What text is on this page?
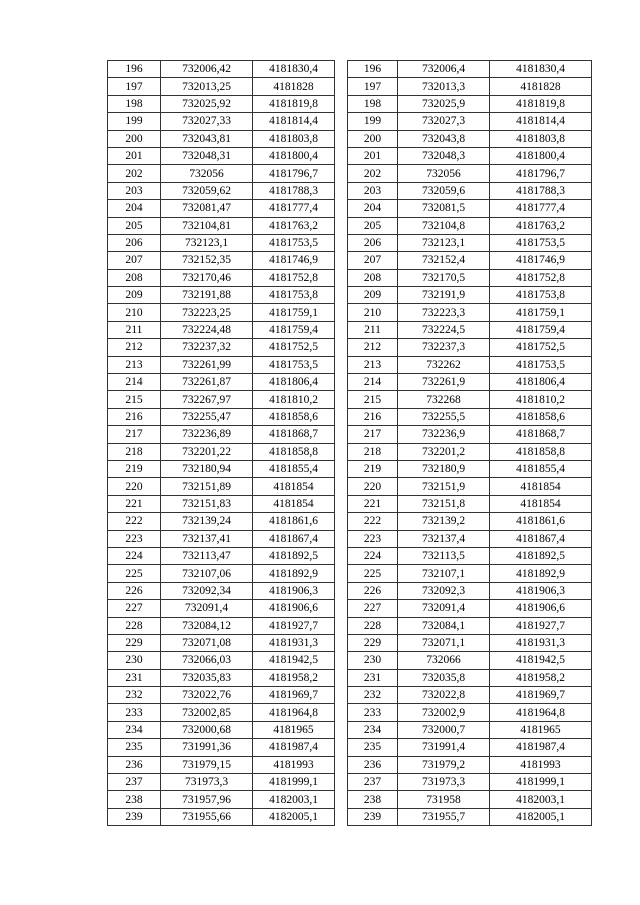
196	732006,42	4181830,4
197	732013,25	4181828
198	732025,92	4181819,8
199	732027,33	4181814,4
200	732043,81	4181803,8
201	732048,31	4181800,4
202	732056	4181796,7
203	732059,62	4181788,3
204	732081,47	4181777,4
205	732104,81	4181763,2
206	732123,1	4181753,5
207	732152,35	4181746,9
208	732170,46	4181752,8
209	732191,88	4181753,8
210	732223,25	4181759,1
211	732224,48	4181759,4
212	732237,32	4181752,5
213	732261,99	4181753,5
214	732261,87	4181806,4
215	732267,97	4181810,2
216	732255,47	4181858,6
217	732236,89	4181868,7
218	732201,22	4181858,8
219	732180,94	4181855,4
220	732151,89	4181854
221	732151,83	4181854
222	732139,24	4181861,6
223	732137,41	4181867,4
224	732113,47	4181892,5
225	732107,06	4181892,9
226	732092,34	4181906,3
227	732091,4	4181906,6
228	732084,12	4181927,7
229	732071,08	4181931,3
230	732066,03	4181942,5
231	732035,83	4181958,2
232	732022,76	4181969,7
233	732002,85	4181964,8
234	732000,68	4181965
235	731991,36	4181987,4
236	731979,15	4181993
237	731973,3	4181999,1
238	731957,96	4182003,1
239	731955,66	4182005,1
196	732006,4	4181830,4
197	732013,3	4181828
198	732025,9	4181819,8
199	732027,3	4181814,4
200	732043,8	4181803,8
201	732048,3	4181800,4
202	732056	4181796,7
203	732059,6	4181788,3
204	732081,5	4181777,4
205	732104,8	4181763,2
206	732123,1	4181753,5
207	732152,4	4181746,9
208	732170,5	4181752,8
209	732191,9	4181753,8
210	732223,3	4181759,1
211	732224,5	4181759,4
212	732237,3	4181752,5
213	732262	4181753,5
214	732261,9	4181806,4
215	732268	4181810,2
216	732255,5	4181858,6
217	732236,9	4181868,7
218	732201,2	4181858,8
219	732180,9	4181855,4
220	732151,9	4181854
221	732151,8	4181854
222	732139,2	4181861,6
223	732137,4	4181867,4
224	732113,5	4181892,5
225	732107,1	4181892,9
226	732092,3	4181906,3
227	732091,4	4181906,6
228	732084,1	4181927,7
229	732071,1	4181931,3
230	732066	4181942,5
231	732035,8	4181958,2
232	732022,8	4181969,7
233	732002,9	4181964,8
234	732000,7	4181965
235	731991,4	4181987,4
236	731979,2	4181993
237	731973,3	4181999,1
238	731958	4182003,1
239	731955,7	4182005,1
